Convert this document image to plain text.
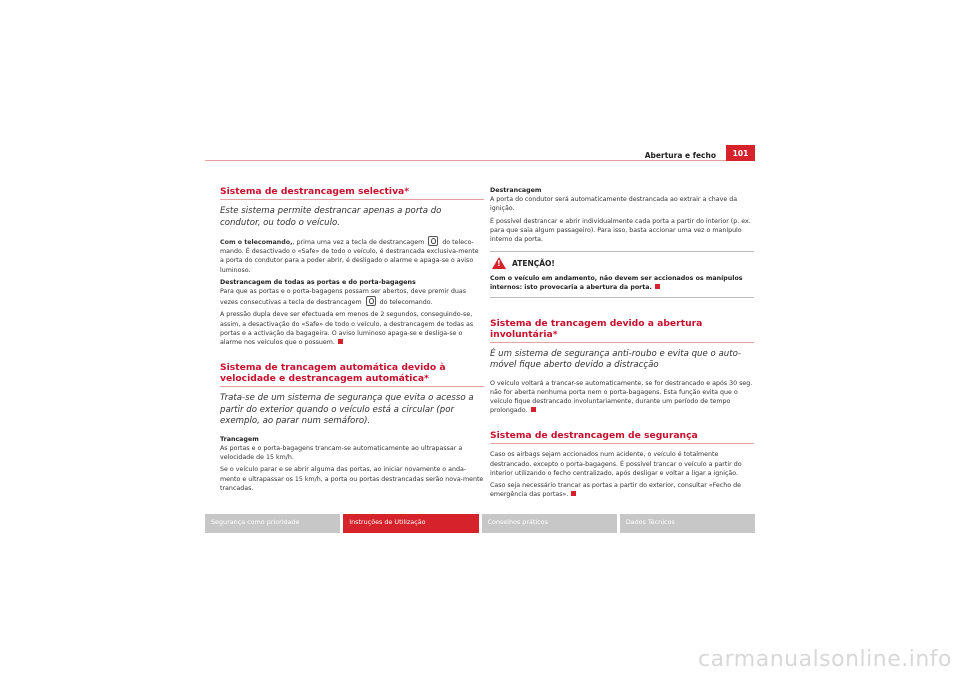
Abertura e fecho	101
Sistema de destrancagem selectiva*
Este sistema permite destrancar apenas a porta do condutor, ou todo o veículo.
Com o telecomando,, prima uma vez a tecla de destrancagem	do teleco-mando. É desactivado o «Safe» de todo o veículo, é destrancada exclusiva-mente a porta do condutor para a poder abrir, é desligado o alarme e apaga-se o aviso luminoso.
Destrancagem de todas as portas e do porta-bagagens
Para que as portas e o porta-bagagens possam ser abertos, deve premir duas vezes consecutivas a tecla de destrancagem	do telecomando.
A pressão dupla deve ser efectuada em menos de 2 segundos, conseguindo-se, assim, a desactivação do «Safe» de todo o veículo, a destrancagem de todas as portas e a activação da bagageira. O aviso luminoso apaga-se e desliga-se o alarme nos veículos que o possuem.
Sistema de trancagem automática devido à velocidade e destrancagem automática*
Trata-se de um sistema de segurança que evita o acesso a partir do exterior quando o veículo está a circular (por exemplo, ao parar num semáforo).
Trancagem
As portas e o porta-bagagens trancam-se automaticamente ao ultrapassar a velocidade de 15 km/h.
Se o veículo parar e se abrir alguma das portas, ao iniciar novamente o anda-mento e ultrapassar os 15 km/h, a porta ou portas destrancadas serão nova-mente trancadas.
Destrancagem
A porta do condutor será automaticamente destrancada ao extrair a chave da ignição.
É possível destrancar e abrir individualmente cada porta a partir do interior (p. ex. para que saia algum passageiro). Para isso, basta accionar uma vez o manípulo interno da porta.
!
ATENÇÃO!
Com o veículo em andamento, não devem ser accionados os manípulos internos: isto provocaria a abertura da porta.
Sistema de trancagem devido a abertura involuntária*
É um sistema de segurança anti-roubo e evita que o auto-móvel fique aberto devido a distracção
O veículo voltará a trancar-se automaticamente, se for destrancado e após 30 seg. não for aberta nenhuma porta nem o porta-bagagens. Esta função evita que o veículo fique destrancado involuntariamente, durante um período de tempo prolongado.
Sistema de destrancagem de segurança
Caso os airbags sejam accionados num acidente, o veículo é totalmente destrancado, excepto o porta-bagagens. É possível trancar o veículo a partir do interior utilizando o fecho centralizado, após desligar e voltar a ligar a ignição.
Caso seja necessário trancar as portas a partir do exterior, consultar «Fecho de emergência das portas».
Segurança como prioridade	Instruções de Utilização	Conselhos práticos	Dados Técnicos
carmanualsonline.info
